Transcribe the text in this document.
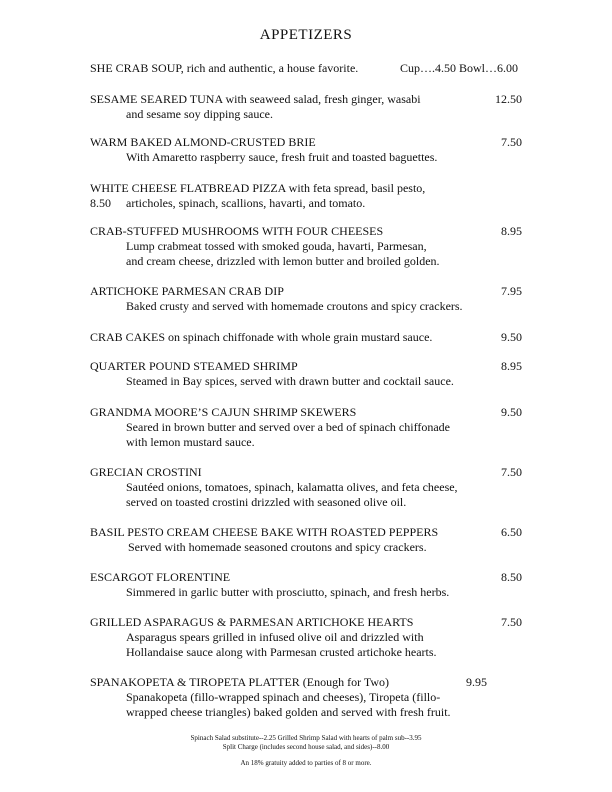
APPETIZERS
SHE CRAB SOUP, rich and authentic, a house favorite.	Cup….4.50 Bowl…6.00
SESAME SEARED TUNA with seaweed salad, fresh ginger, wasabi	12.50
and sesame soy dipping sauce.
WARM BAKED ALMOND-CRUSTED BRIE	7.50
With Amaretto raspberry sauce, fresh fruit and toasted baguettes.
WHITE CHEESE FLATBREAD PIZZA with feta spread, basil pesto,
8.50 articholes, spinach, scallions, havarti, and tomato.
CRAB-STUFFED MUSHROOMS WITH FOUR CHEESES	8.95
Lump crabmeat tossed with smoked gouda, havarti, Parmesan,
and cream cheese, drizzled with lemon butter and broiled golden.
ARTICHOKE PARMESAN CRAB DIP	7.95
Baked crusty and served with homemade croutons and spicy crackers.
CRAB CAKES on spinach chiffonade with whole grain mustard sauce.	9.50
QUARTER POUND STEAMED SHRIMP	8.95
Steamed in Bay spices, served with drawn butter and cocktail sauce.
GRANDMA MOORE’S CAJUN SHRIMP SKEWERS	9.50
Seared in brown butter and served over a bed of spinach chiffonade
with lemon mustard sauce.
GRECIAN CROSTINI	7.50
Sautéed onions, tomatoes, spinach, kalamatta olives, and feta cheese,
served on toasted crostini drizzled with seasoned olive oil.
BASIL PESTO CREAM CHEESE BAKE WITH ROASTED PEPPERS	6.50
Served with homemade seasoned croutons and spicy crackers.
ESCARGOT FLORENTINE	8.50
Simmered in garlic butter with prosciutto, spinach, and fresh herbs.
GRILLED ASPARAGUS & PARMESAN ARTICHOKE HEARTS	7.50
Asparagus spears grilled in infused olive oil and drizzled with
Hollandaise sauce along with Parmesan crusted artichoke hearts.
SPANAKOPETA & TIROPETA PLATTER (Enough for Two)	9.95
Spanakopeta (fillo-wrapped spinach and cheeses), Tiropeta (fillo-
wrapped cheese triangles) baked golden and served with fresh fruit.
Spinach Salad substitute--2.25 Grilled Shrimp Salad with hearts of palm sub--3.95
Split Charge (includes second house salad, and sides)--8.00
An 18% gratuity added to parties of 8 or more.
